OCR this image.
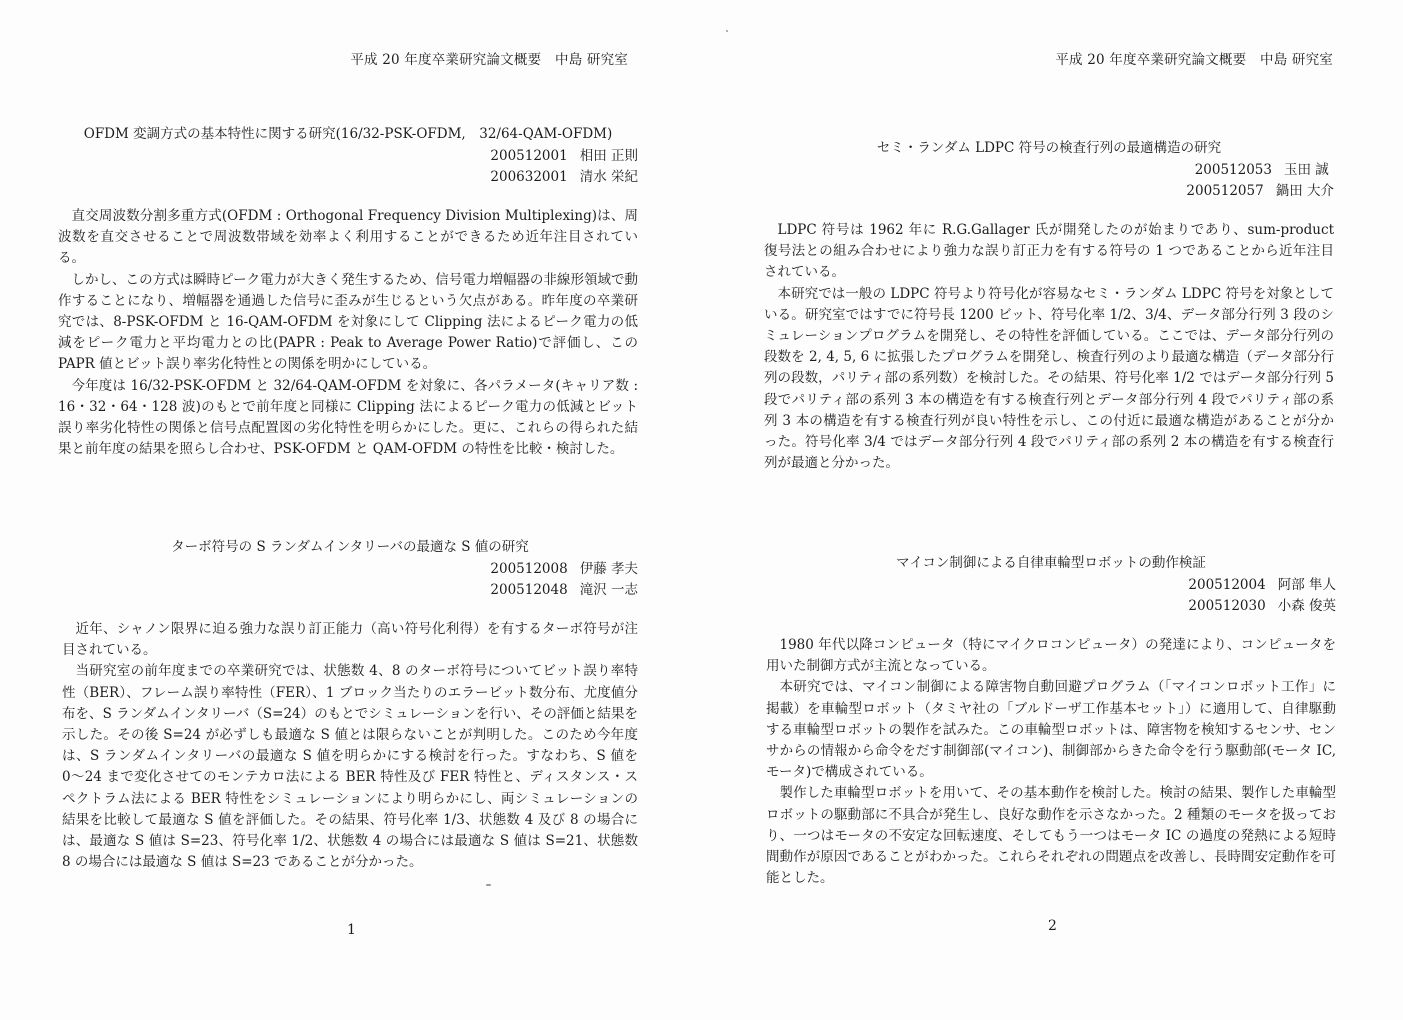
平成 20 年度卒業研究論文概要　中島 研究室
OFDM 変調方式の基本特性に関する研究(16/32-PSK-OFDM,　32/64-QAM-OFDM)
200512001 相田 正則
200632001 清水 栄紀

直交周波数分割多重方式(OFDM : Orthogonal Frequency Division Multiplexing)は、周波数を直交させることで周波数帯域を効率よく利用することができるため近年注目されている。

しかし、この方式は瞬時ピーク電力が大きく発生するため、信号電力増幅器の非線形領域で動作することになり、増幅器を通過した信号に歪みが生じるという欠点がある。昨年度の卒業研究では、8-PSK-OFDM と 16-QAM-OFDM を対象にして Clipping 法によるピーク電力の低減をピーク電力と平均電力との比(PAPR : Peak to Average Power Ratio)で評価し、この PAPR 値とビット誤り率劣化特性との関係を明かにしている。

今年度は 16/32-PSK-OFDM と 32/64-QAM-OFDM を対象に、各パラメータ(キャリア数 : 16・32・64・128 波)のもとで前年度と同様に Clipping 法によるピーク電力の低減とビット誤り率劣化特性の関係と信号点配置図の劣化特性を明らかにした。更に、これらの得られた結果と前年度の結果を照らし合わせ、PSK-OFDM と QAM-OFDM の特性を比較・検討した。

ターボ符号の S ランダムインタリーバの最適な S 値の研究
200512008 伊藤 孝夫
200512048 滝沢 一志

近年、シャノン限界に迫る強力な誤り訂正能力（高い符号化利得）を有するターボ符号が注目されている。

当研究室の前年度までの卒業研究では、状態数 4、8 のターボ符号についてビット誤り率特性（BER）、フレーム誤り率特性（FER）、1 ブロック当たりのエラービット数分布、尤度値分布を、S ランダムインタリーバ（S=24）のもとでシミュレーションを行い、その評価と結果を示した。その後 S=24 が必ずしも最適な S 値とは限らないことが判明した。このため今年度は、S ランダムインタリーバの最適な S 値を明らかにする検討を行った。すなわち、S 値を 0〜24 まで変化させてのモンテカロ法による BER 特性及び FER 特性と、ディスタンス・スペクトラム法による BER 特性をシミュレーションにより明らかにし、両シミュレーションの結果を比較して最適な S 値を評価した。その結果、符号化率 1/3、状態数 4 及び 8 の場合には、最適な S 値は S=23、符号化率 1/2、状態数 4 の場合には最適な S 値は S=21、状態数 8 の場合には最適な S 値は S=23 であることが分かった。

1
平成 20 年度卒業研究論文概要　中島 研究室
セミ・ランダム LDPC 符号の検査行列の最適構造の研究
200512053 玉田 誠
200512057 鍋田 大介

LDPC 符号は 1962 年に R.G.Gallager 氏が開発したのが始まりであり、sum-product 復号法との組み合わせにより強力な誤り訂正力を有する符号の 1 つであることから近年注目されている。

本研究では一般の LDPC 符号より符号化が容易なセミ・ランダム LDPC 符号を対象としている。研究室ではすでに符号長 1200 ビット、符号化率 1/2、3/4、データ部分行列 3 段のシミュレーションプログラムを開発し、その特性を評価している。ここでは、データ部分行列の段数を 2, 4, 5, 6 に拡張したプログラムを開発し、検査行列のより最適な構造（データ部分行列の段数，パリティ部の系列数）を検討した。その結果、符号化率 1/2 ではデータ部分行列 5 段でパリティ部の系列 3 本の構造を有する検査行列とデータ部分行列 4 段でパリティ部の系列 3 本の構造を有する検査行列が良い特性を示し、この付近に最適な構造があることが分かった。符号化率 3/4 ではデータ部分行列 4 段でパリティ部の系列 2 本の構造を有する検査行列が最適と分かった。

マイコン制御による自律車輪型ロボットの動作検証
200512004 阿部 隼人
200512030 小森 俊英

1980 年代以降コンピュータ（特にマイクロコンピュータ）の発達により、コンピュータを用いた制御方式が主流となっている。

本研究では、マイコン制御による障害物自動回避プログラム（「マイコンロボット工作」に掲載）を車輪型ロボット（タミヤ社の「ブルドーザ工作基本セット」）に適用して、自律駆動する車輪型ロボットの製作を試みた。この車輪型ロボットは、障害物を検知するセンサ、センサからの情報から命令をだす制御部(マイコン)、制御部からきた命令を行う駆動部(モータ IC,モータ)で構成されている。

製作した車輪型ロボットを用いて、その基本動作を検討した。検討の結果、製作した車輪型ロボットの駆動部に不具合が発生し、良好な動作を示さなかった。2 種類のモータを扱っており、一つはモータの不安定な回転速度、そしてもう一つはモータ IC の過度の発熱による短時間動作が原因であることがわかった。これらそれぞれの問題点を改善し、長時間安定動作を可能とした。

2
